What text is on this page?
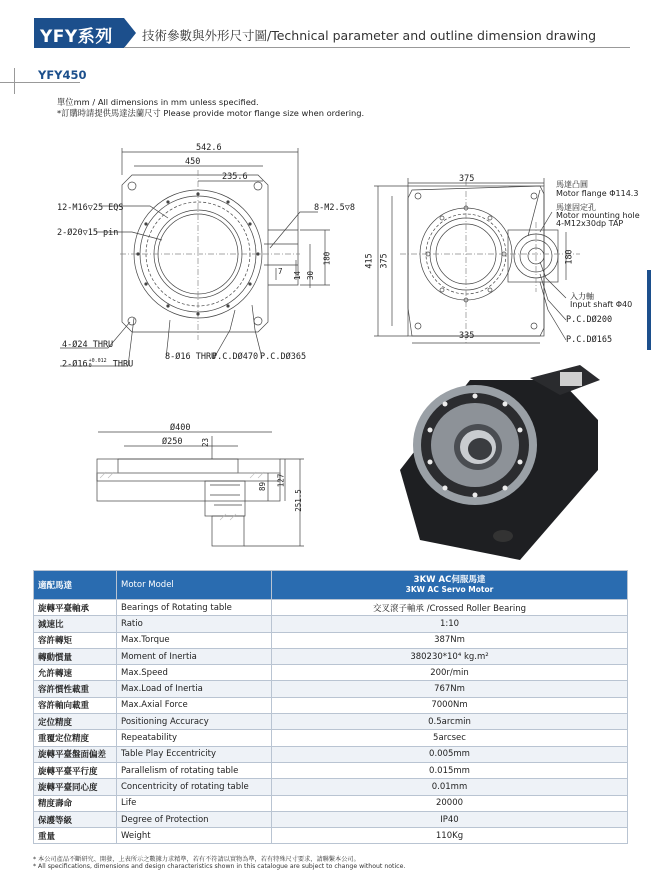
YFY系列 技術參數與外形尺寸圖/Technical parameter and outline dimension drawing
YFY450
單位mm / All dimensions in mm unless specified.
*訂購時請提供馬達法蘭尺寸 Please provide motor flange size when ordering.
542.6
450
235.6
12-M16▽25 EQS
2-Ø20▽15 pin
8-M2.5▽8
7 14 30
180
4-Ø24 THRU
2-Ø16+0.012
0 THRU
8-Ø16 THRU
P.C.DØ470 P.C.DØ365
375
415 375
335
180
馬達凸圓
Motor flange Φ114.3
馬達固定孔
Motor mounting hole
4-M12x30dp TAP
入力軸
Input shaft Φ40
P.C.DØ200
P.C.DØ165
Ø400
Ø250 23
89 127
251.5
適配馬達	Motor Model	3KW AC伺服馬達
3KW AC Servo Motor
旋轉平臺軸承	Bearings of Rotating table	交叉滾子軸承 /Crossed Roller Bearing
減速比	Ratio	1:10
容許轉矩	Max.Torque	387Nm
轉動慣量	Moment of Inertia	380230*10⁴ kg.m²
允許轉速	Max.Speed	200r/min
容許慣性載重	Max.Load of Inertia	767Nm
容許軸向載重	Max.Axial Force	7000Nm
定位精度	Positioning Accuracy	0.5arcmin
重覆定位精度	Repeatability	5arcsec
旋轉平臺盤面偏差	Table Play Eccentricity	0.005mm
旋轉平臺平行度	Parallelism of rotating table	0.015mm
旋轉平臺同心度	Concentricity of rotating table	0.01mm
精度壽命	Life	20000
保護等級	Degree of Protection	IP40
重量	Weight	110Kg
* 本公司產品不斷研究、開發，上表所示之數據力求精準，若有不符請以實物為準，若有特殊尺寸要求，請聯繫本公司。
* All specifications, dimensions and design characteristics shown in this catalogue are subject to change without notice.
